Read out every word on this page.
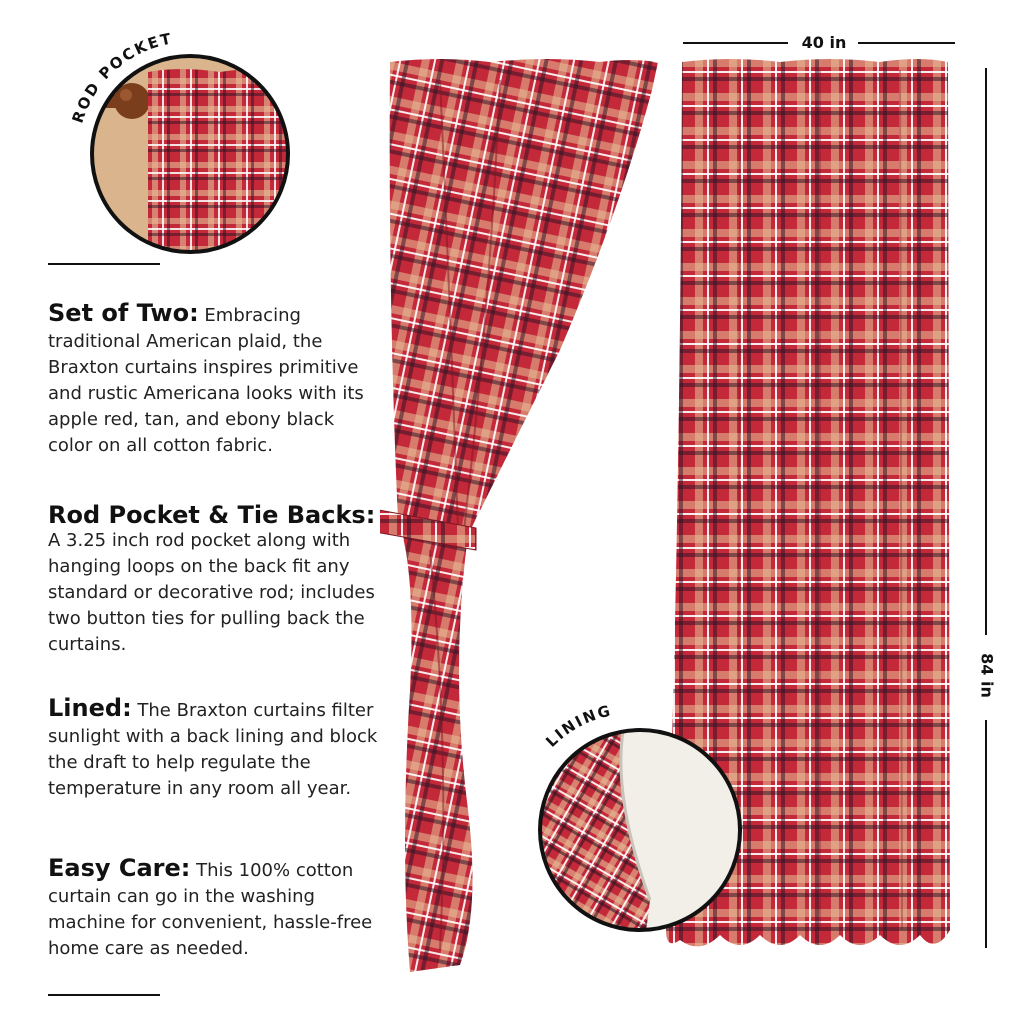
ROD POCKET
Set of Two: Embracing traditional American plaid, the Braxton curtains inspires primitive and rustic Americana looks with its apple red, tan, and ebony black color on all cotton fabric.
Rod Pocket & Tie Backs:
A 3.25 inch rod pocket along with hanging loops on the back fit any standard or decorative rod; includes two button ties for pulling back the curtains.
Lined: The Braxton curtains filter sunlight with a back lining and block the draft to help regulate the temperature in any room all year.
Easy Care: This 100% cotton curtain can go in the washing machine for convenient, hassle-free home care as needed.
40 in
84 in
LINING
